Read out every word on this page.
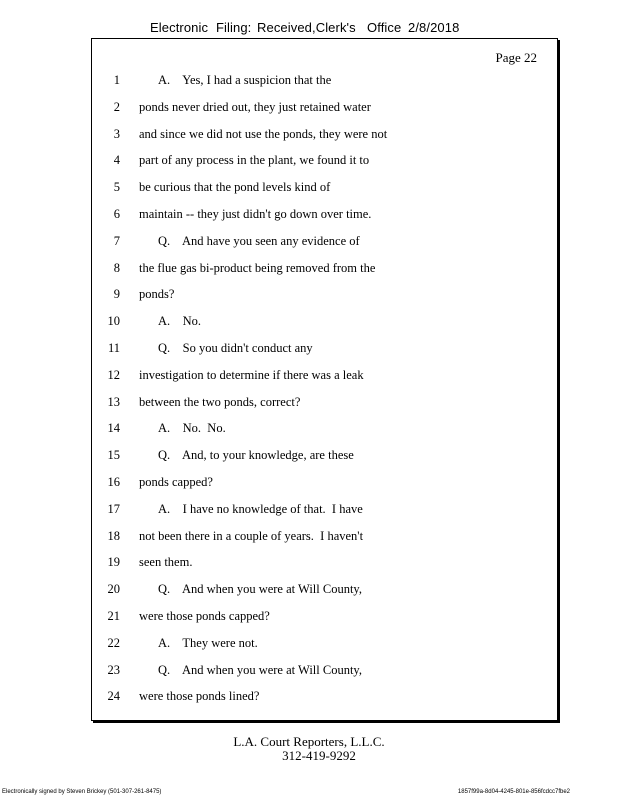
Electronic Filing: Received,Clerk's Office 2/8/2018
Page 22
1	A.    Yes, I had a suspicion that the
2 ponds never dried out, they just retained water
3 and since we did not use the ponds, they were not
4 part of any process in the plant, we found it to
5 be curious that the pond levels kind of
6 maintain -- they just didn't go down over time.
7	Q.    And have you seen any evidence of
8 the flue gas bi-product being removed from the
9 ponds?
10	A.    No.
11	Q.    So you didn't conduct any
12 investigation to determine if there was a leak
13 between the two ponds, correct?
14	A.    No.  No.
15	Q.    And, to your knowledge, are these
16 ponds capped?
17	A.    I have no knowledge of that.  I have
18 not been there in a couple of years.  I haven't
19 seen them.
20	Q.    And when you were at Will County,
21 were those ponds capped?
22	A.    They were not.
23	Q.    And when you were at Will County,
24 were those ponds lined?
L.A. Court Reporters, L.L.C.
312-419-9292
Electronically signed by Steven Brickey (501-307-261-8475)	1857f99a-8d04-4245-801e-856fcdcc7fbe2
